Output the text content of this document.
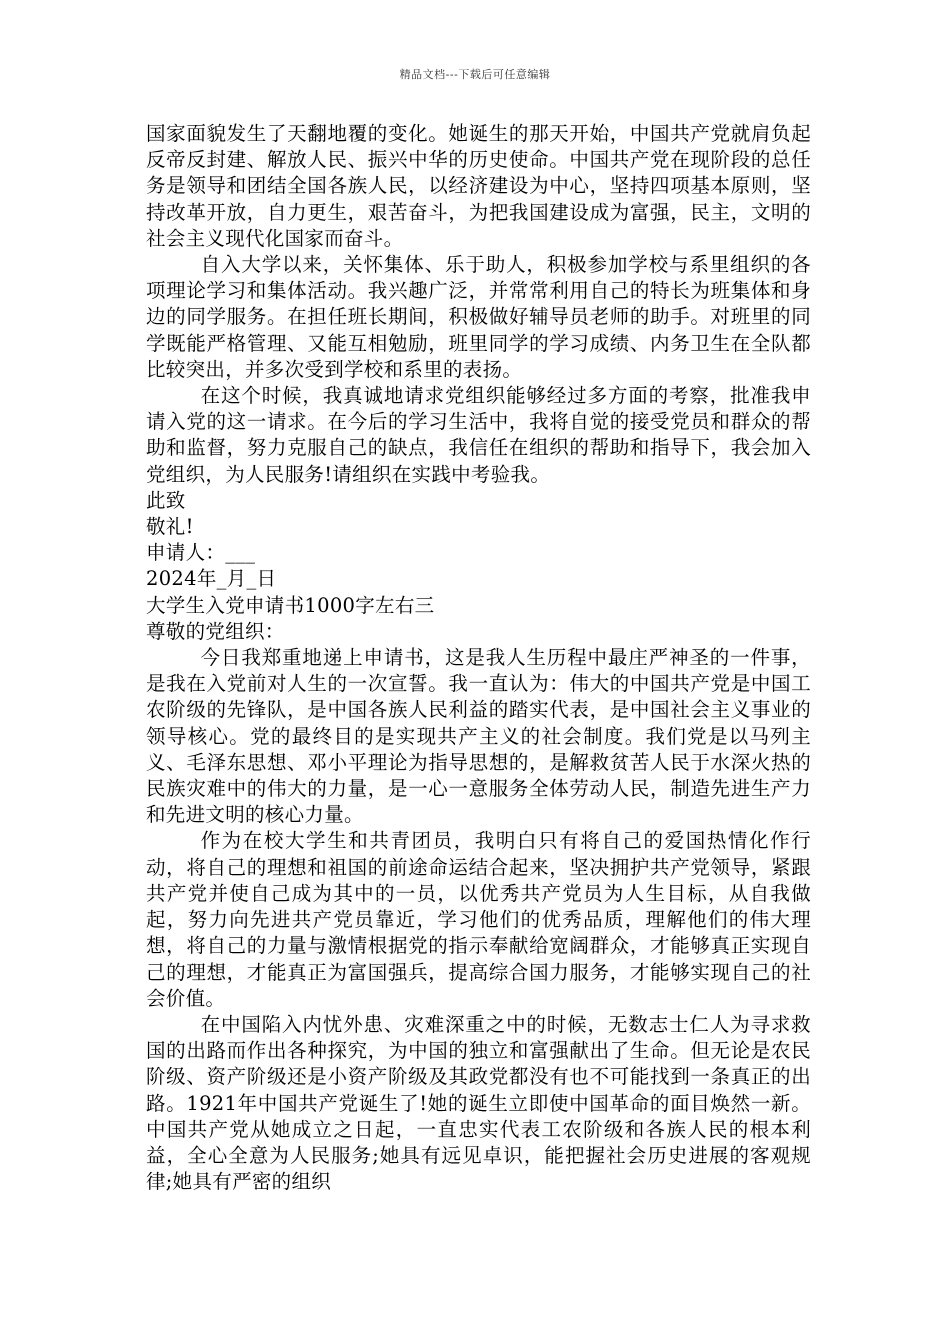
精品文档---下载后可任意编辑

国家面貌发生了天翻地覆的变化。她诞生的那天开始，中国共产党就肩负起反帝反封建、解放人民、振兴中华的历史使命。中国共产党在现阶段的总任务是领导和团结全国各族人民，以经济建设为中心，坚持四项基本原则，坚持改革开放，自力更生，艰苦奋斗，为把我国建设成为富强，民主，文明的社会主义现代化国家而奋斗。

自入大学以来，关怀集体、乐于助人，积极参加学校与系里组织的各项理论学习和集体活动。我兴趣广泛，并常常利用自己的特长为班集体和身边的同学服务。在担任班长期间，积极做好辅导员老师的助手。对班里的同学既能严格管理、又能互相勉励，班里同学的学习成绩、内务卫生在全队都比较突出，并多次受到学校和系里的表扬。

在这个时候，我真诚地请求党组织能够经过多方面的考察，批准我申请入党的这一请求。在今后的学习生活中，我将自觉的接受党员和群众的帮助和监督，努力克服自己的缺点，我信任在组织的帮助和指导下，我会加入党组织，为人民服务!请组织在实践中考验我。

此致

敬礼!

申请人：___

2024年_月_日

大学生入党申请书1000字左右三

尊敬的党组织：

今日我郑重地递上申请书，这是我人生历程中最庄严神圣的一件事，是我在入党前对人生的一次宣誓。我一直认为：伟大的中国共产党是中国工农阶级的先锋队，是中国各族人民利益的踏实代表，是中国社会主义事业的领导核心。党的最终目的是实现共产主义的社会制度。我们党是以马列主义、毛泽东思想、邓小平理论为指导思想的，是解救贫苦人民于水深火热的民族灾难中的伟大的力量，是一心一意服务全体劳动人民，制造先进生产力和先进文明的核心力量。

作为在校大学生和共青团员，我明白只有将自己的爱国热情化作行动，将自己的理想和祖国的前途命运结合起来，坚决拥护共产党领导，紧跟共产党并使自己成为其中的一员，以优秀共产党员为人生目标，从自我做起，努力向先进共产党员靠近，学习他们的优秀品质，理解他们的伟大理想，将自己的力量与激情根据党的指示奉献给宽阔群众，才能够真正实现自己的理想，才能真正为富国强兵，提高综合国力服务，才能够实现自己的社会价值。

在中国陷入内忧外患、灾难深重之中的时候，无数志士仁人为寻求救国的出路而作出各种探究，为中国的独立和富强献出了生命。但无论是农民阶级、资产阶级还是小资产阶级及其政党都没有也不可能找到一条真正的出路。1921年中国共产党诞生了!她的诞生立即使中国革命的面目焕然一新。中国共产党从她成立之日起，一直忠实代表工农阶级和各族人民的根本利益，全心全意为人民服务;她具有远见卓识，能把握社会历史进展的客观规律;她具有严密的组织
